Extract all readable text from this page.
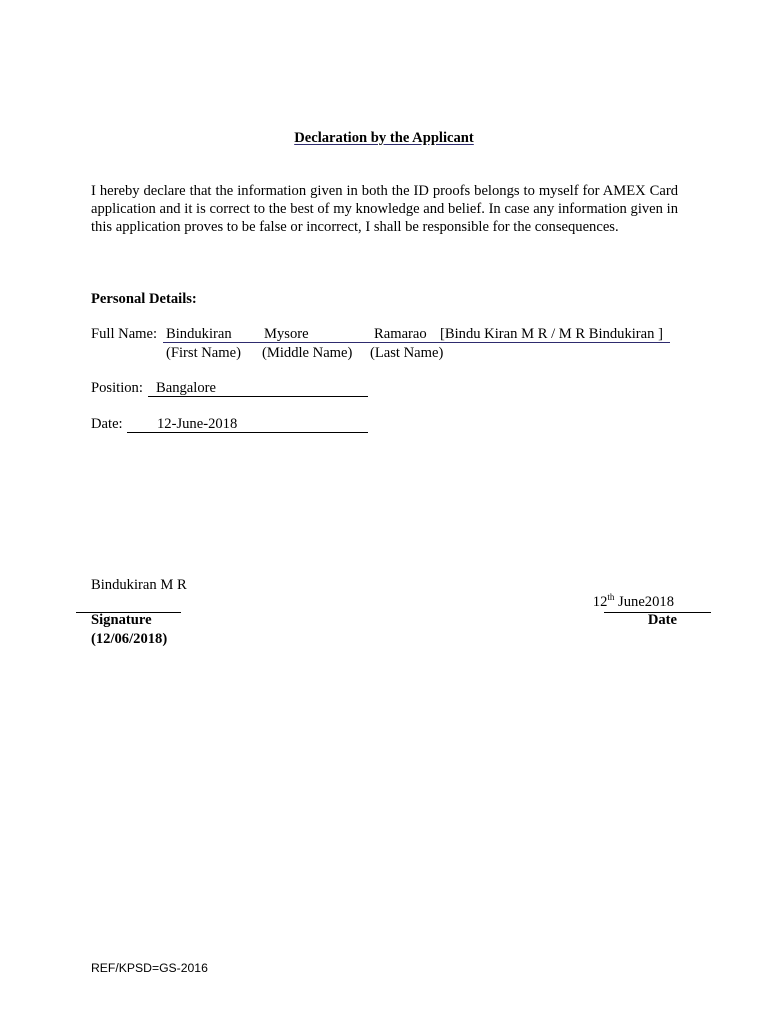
Declaration by the Applicant
I hereby declare that the information given in both the ID proofs belongs to myself for AMEX Card application and it is correct to the best of my knowledge and belief. In case any information given in this application proves to be false or incorrect, I shall be responsible for the consequences.
Personal Details:
Full Name: Bindukiran Mysore	Ramarao [Bindu Kiran M R / M R Bindukiran ]
(First Name) (Middle Name) (Last Name)
Position: Bangalore
Date: 12-June-2018
Bindukiran M R
Signature
(12/06/2018)
12th June2018
Date
REF/KPSD=GS-2016
